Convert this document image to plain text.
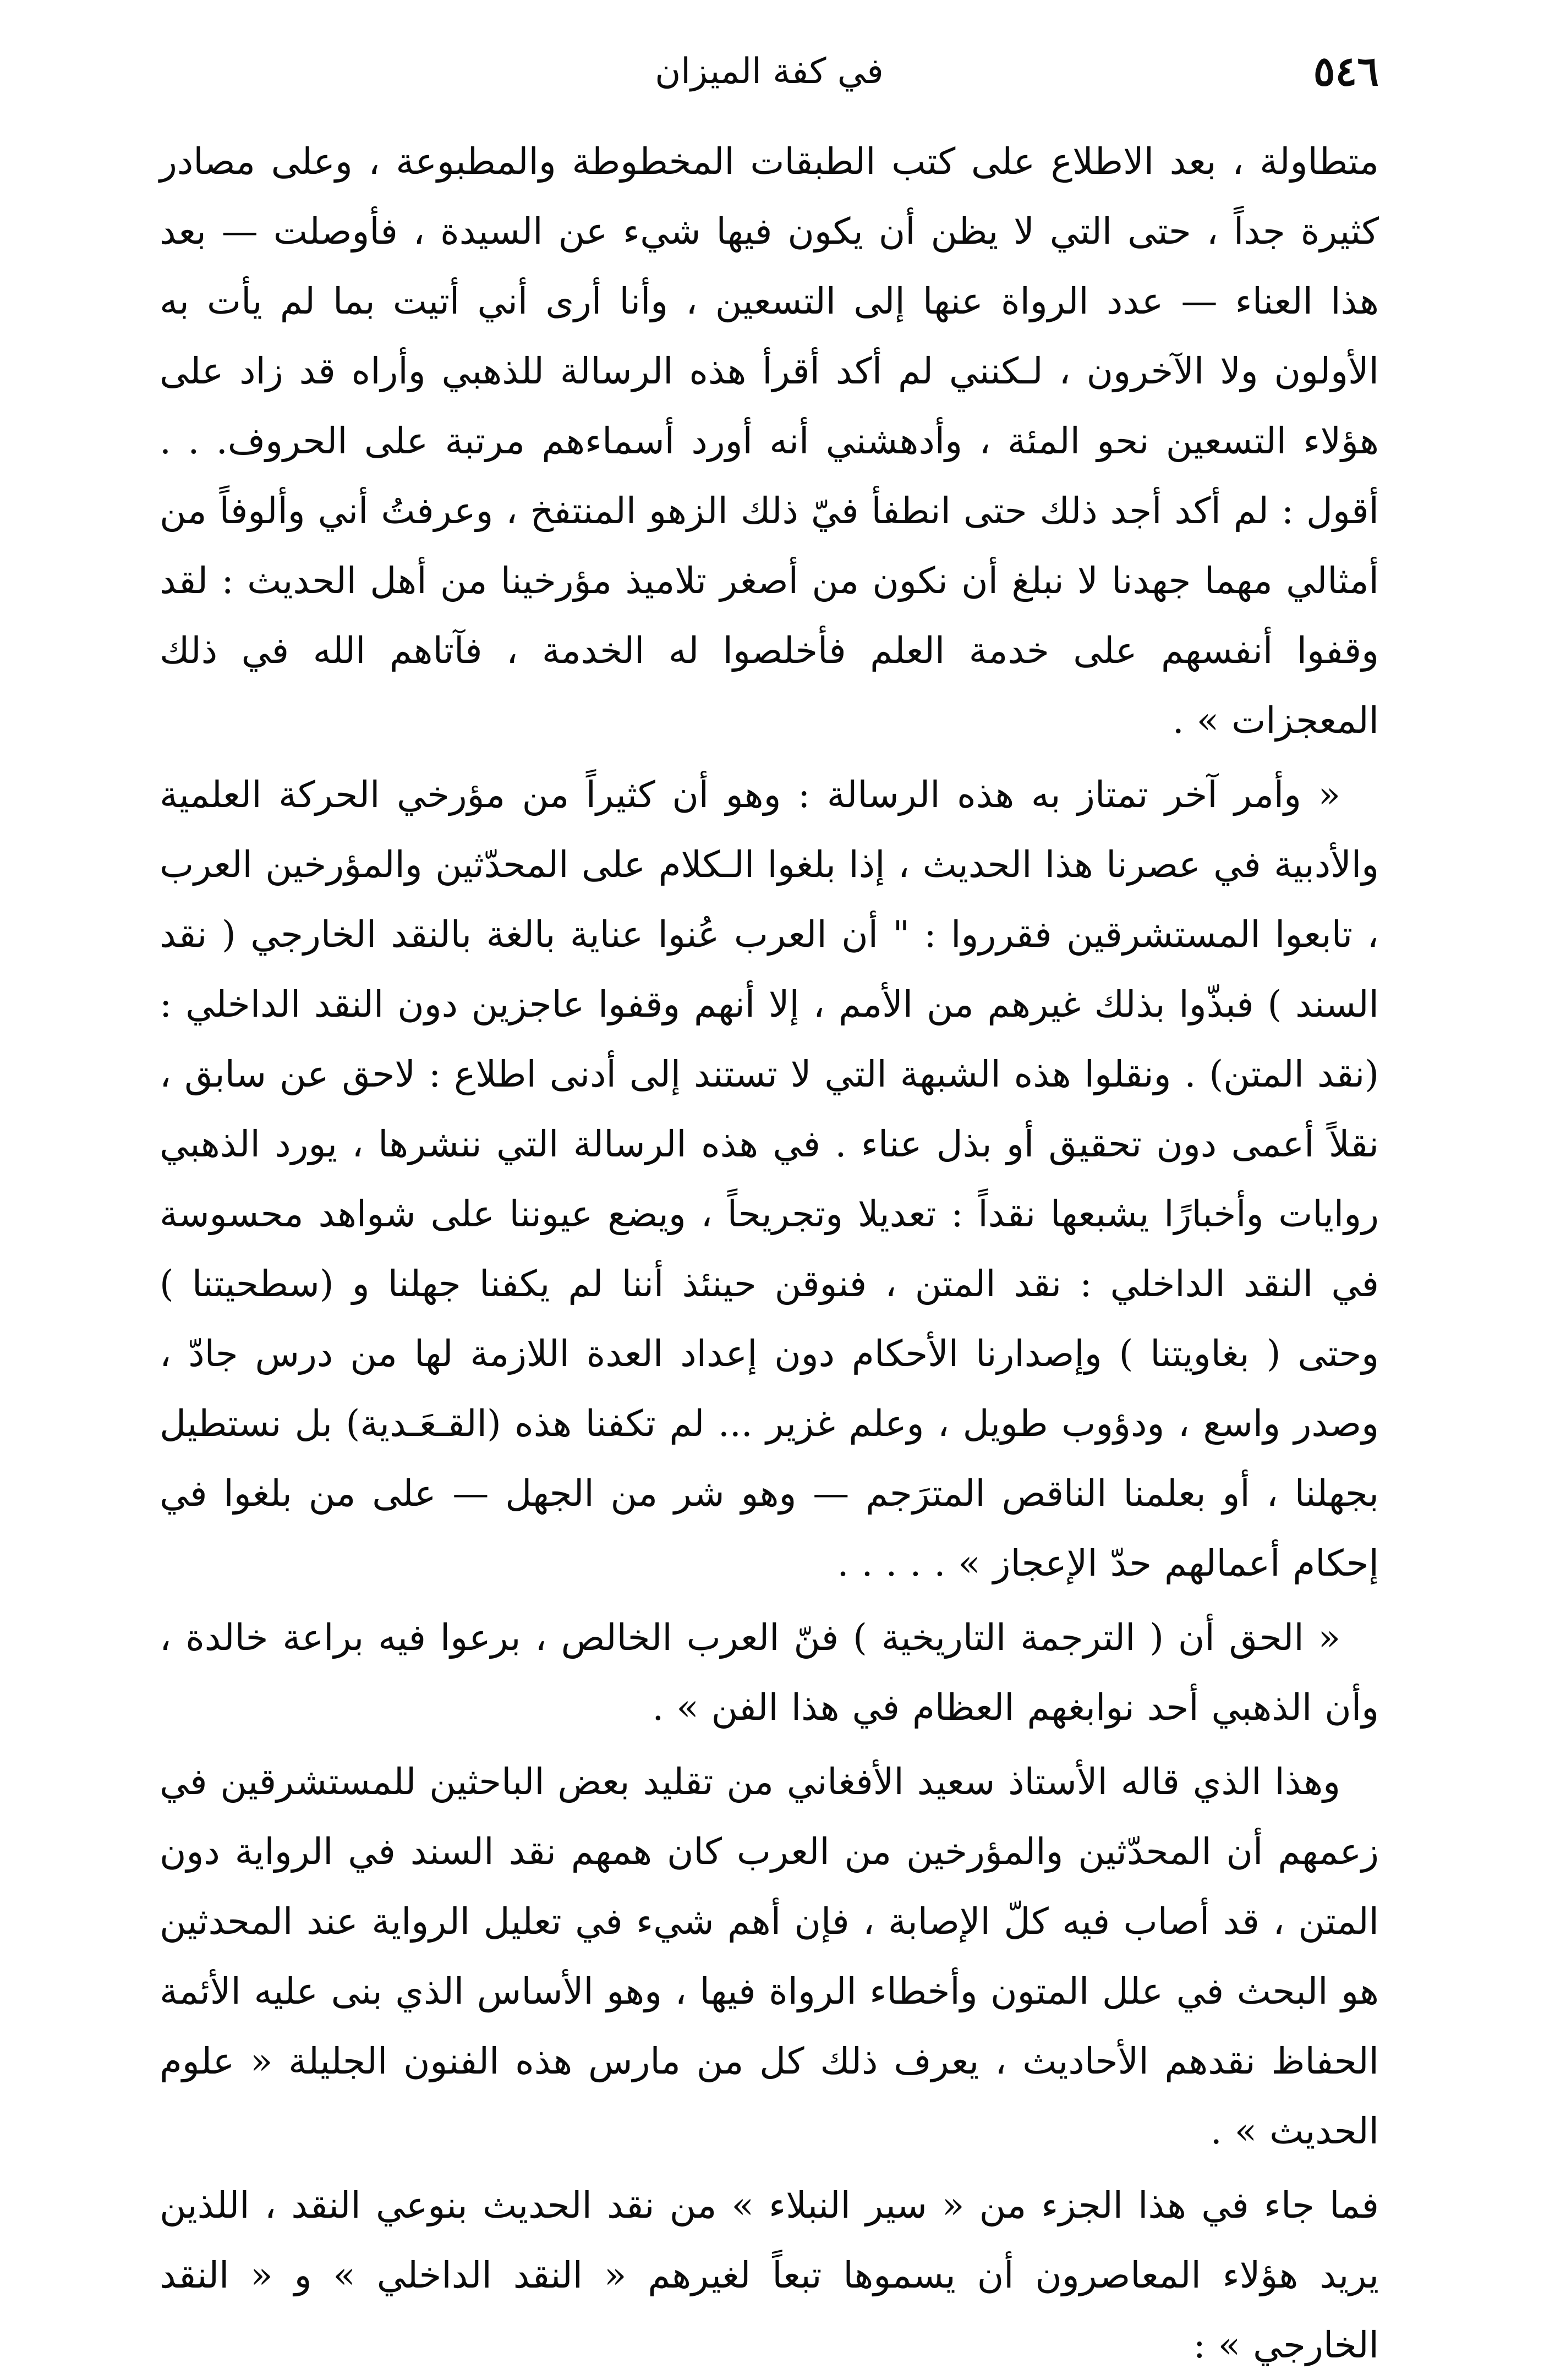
٥٤٦
في كفة الميزان

متطاولة ، بعد الاطلاع على كتب الطبقات المخطوطة والمطبوعة ، وعلى مصادر كثيرة جداً ، حتى التي لا يظن أن يكون فيها شيء عن السيدة ، فأوصلت — بعد هذا العناء — عدد الرواة عنها إلى التسعين ، وأنا أرى أني أتيت بما لم يأت به الأولون ولا الآخرون ، لـكنني لم أكد أقرأ هذه الرسالة للذهبي وأراه قد زاد على هؤلاء التسعين نحو المئة ، وأدهشني أنه أورد أسماءهم مرتبة على الحروف. . . أقول : لم أكد أجد ذلك حتى انطفأ فيّ ذلك الزهو المنتفخ ، وعرفتُ أني وألوفاً من أمثالي مهما جهدنا لا نبلغ أن نكون من أصغر تلاميذ مؤرخينا من أهل الحديث : لقد وقفوا أنفسهم على خدمة العلم فأخلصوا له الخدمة ، فآتاهم الله في ذلك المعجزات » .

« وأمر آخر تمتاز به هذه الرسالة : وهو أن كثيراً من مؤرخي الحركة العلمية والأدبية في عصرنا هذا الحديث ، إذا بلغوا الـكلام على المحدّثين والمؤرخين العرب ، تابعوا المستشرقين فقرروا : " أن العرب عُنوا عناية بالغة بالنقد الخارجي ( نقد السند ) فبذّوا بذلك غيرهم من الأمم ، إلا أنهم وقفوا عاجزين دون النقد الداخلي : (نقد المتن) . ونقلوا هذه الشبهة التي لا تستند إلى أدنى اطلاع : لاحق عن سابق ، نقلاً أعمى دون تحقيق أو بذل عناء . في هذه الرسالة التي ننشرها ، يورد الذهبي روايات وأخبارًا يشبعها نقداً : تعديلا وتجريحاً ، ويضع عيوننا على شواهد محسوسة في النقد الداخلي : نقد المتن ، فنوقن حينئذ أننا لم يكفنا جهلنا و (سطحيتنا ) وحتى ( بغاويتنا ) وإصدارنا الأحكام دون إعداد العدة اللازمة لها من درس جادّ ، وصدر واسع ، ودؤوب طويل ، وعلم غزير ... لم تكفنا هذه (القـعَـدية) بل نستطيل بجهلنا ، أو بعلمنا الناقص المترَجم — وهو شر من الجهل — على من بلغوا في إحكام أعمالهم حدّ الإعجاز » . . . . .

« الحق أن ( الترجمة التاريخية ) فنّ العرب الخالص ، برعوا فيه براعة خالدة ، وأن الذهبي أحد نوابغهم العظام في هذا الفن » .

وهذا الذي قاله الأستاذ سعيد الأفغاني من تقليد بعض الباحثين للمستشرقين في زعمهم أن المحدّثين والمؤرخين من العرب كان همهم نقد السند في الرواية دون المتن ، قد أصاب فيه كلّ الإصابة ، فإن أهم شيء في تعليل الرواية عند المحدثين هو البحث في علل المتون وأخطاء الرواة فيها ، وهو الأساس الذي بنى عليه الأئمة الحفاظ نقدهم الأحاديث ، يعرف ذلك كل من مارس هذه الفنون الجليلة « علوم الحديث » .

فما جاء في هذا الجزء من « سير النبلاء » من نقد الحديث بنوعي النقد ، اللذين يريد هؤلاء المعاصرون أن يسموها تبعاً لغيرهم « النقد الداخلي » و « النقد الخارجي » :
